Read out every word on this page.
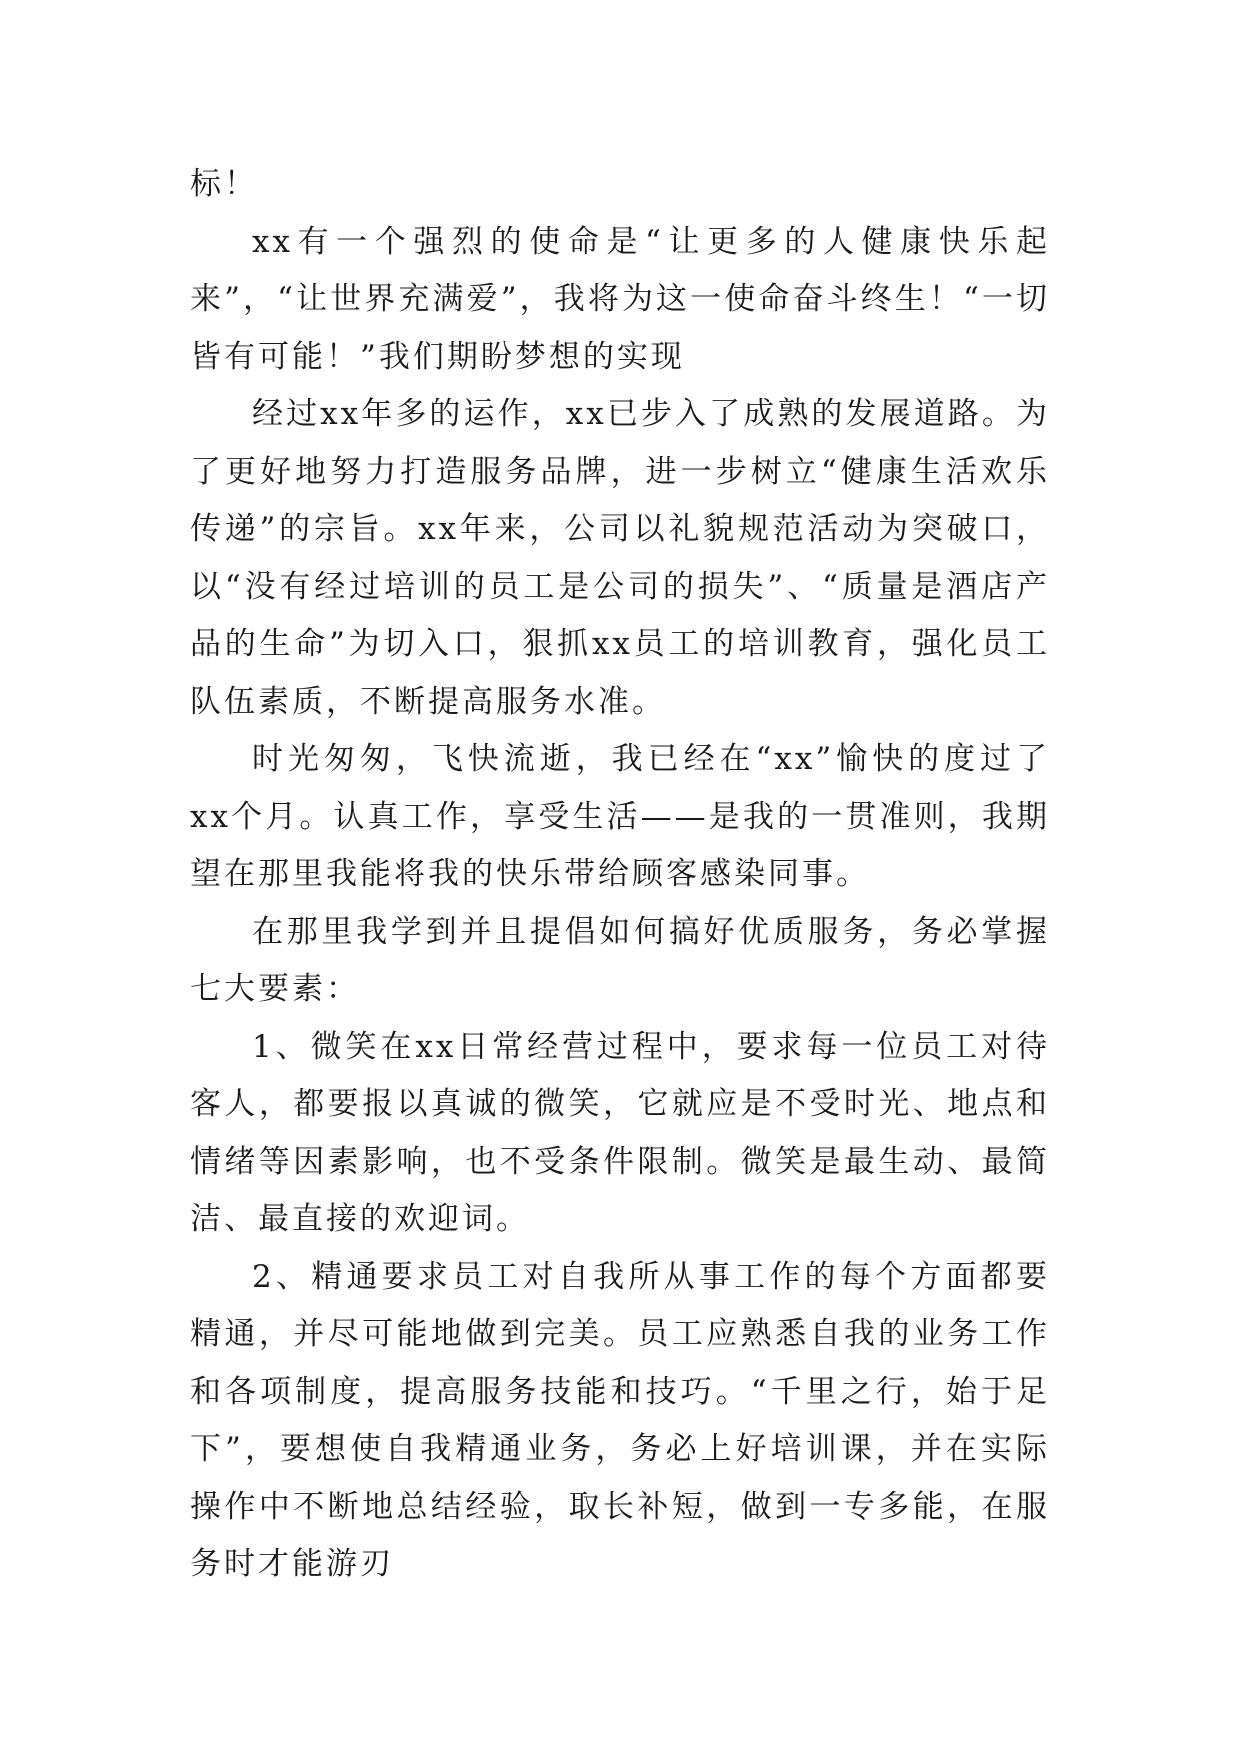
标！

xx有一个强烈的使命是“让更多的人健康快乐起来”，“让世界充满爱”，我将为这一使命奋斗终生！“一切皆有可能！”我们期盼梦想的实现

经过xx年多的运作，xx已步入了成熟的发展道路。为了更好地努力打造服务品牌，进一步树立“健康生活欢乐传递”的宗旨。xx年来，公司以礼貌规范活动为突破口，以“没有经过培训的员工是公司的损失”、“质量是酒店产品的生命”为切入口，狠抓xx员工的培训教育，强化员工队伍素质，不断提高服务水准。

时光匆匆，飞快流逝，我已经在“xx”愉快的度过了xx个月。认真工作，享受生活——是我的一贯准则，我期望在那里我能将我的快乐带给顾客感染同事。

在那里我学到并且提倡如何搞好优质服务，务必掌握七大要素：

1、微笑在xx日常经营过程中，要求每一位员工对待客人，都要报以真诚的微笑，它就应是不受时光、地点和情绪等因素影响，也不受条件限制。微笑是最生动、最简洁、最直接的欢迎词。

2、精通要求员工对自我所从事工作的每个方面都要精通，并尽可能地做到完美。员工应熟悉自我的业务工作和各项制度，提高服务技能和技巧。“千里之行，始于足下”，要想使自我精通业务，务必上好培训课，并在实际操作中不断地总结经验，取长补短，做到一专多能，在服务时才能游刃
